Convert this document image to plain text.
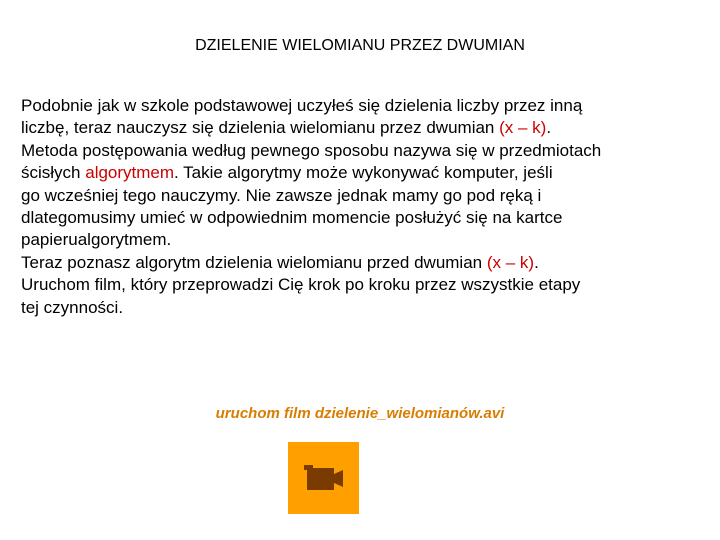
DZIELENIE WIELOMIANU PRZEZ DWUMIAN
Podobnie jak w szkole podstawowej uczyłeś się dzielenia liczby przez inną
liczbę, teraz nauczysz się dzielenia wielomianu przez dwumian (x – k).
Metoda postępowania według pewnego sposobu nazywa się w przedmiotach
ścisłych algorytmem. Takie algorytmy może wykonywać komputer, jeśli
go wcześniej tego nauczymy. Nie zawsze jednak mamy go pod ręką i
dlategomusimy umieć w odpowiednim momencie posłużyć się na kartce
papierualgorytmem.
Teraz poznasz algorytm dzielenia wielomianu przed dwumian (x – k).
Uruchom film, który przeprowadzi Cię krok po kroku przez wszystkie etapy
tej czynności.
uruchom film dzielenie_wielomianów.avi
